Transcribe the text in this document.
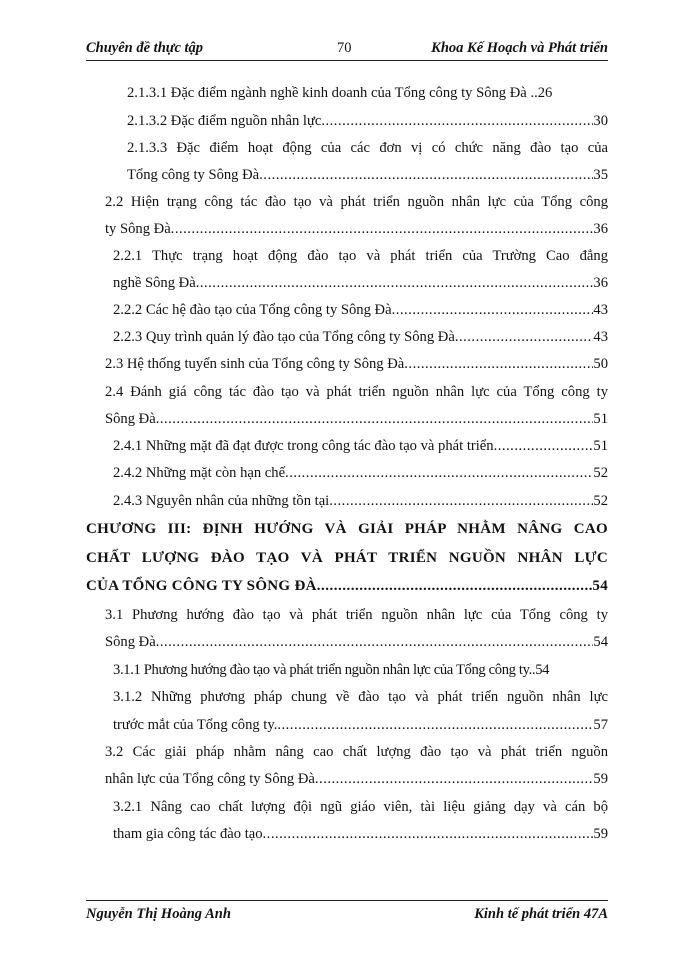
Chuyên đề thực tập	70	Khoa Kế Hoạch và Phát triển
2.1.3.1 Đặc điểm ngành nghề kinh doanh của Tổng công ty Sông Đà .. 26
2.1.3.2 Đặc điểm nguồn nhân lực .....	30
2.1.3.3 Đặc điểm hoạt động của các đơn vị có chức năng đào tạo của
Tổng công ty Sông Đà .....	35
2.2 Hiện trạng công tác đào tạo và phát triển nguồn nhân lực của Tổng công
ty Sông Đà .....	36
2.2.1 Thực trạng hoạt động đào tạo và phát triển của Trường Cao đẳng
nghề Sông Đà .....	36
2.2.2 Các hệ đào tạo của Tổng công ty Sông Đà .....	43
2.2.3 Quy trình quản lý đào tạo của Tổng công ty Sông Đà .....	43
2.3 Hệ thống tuyển sinh của Tổng công ty Sông Đà .....	50
2.4 Đánh giá công tác đào tạo và phát triển nguồn nhân lực của Tổng công ty
Sông Đà .....	51
2.4.1 Những mặt đã đạt được trong công tác đào tạo và phát triển .....	51
2.4.2 Những mặt còn hạn chế .....	52
2.4.3 Nguyên nhân của những tồn tại .....	52
CHƯƠNG III: ĐỊNH HƯỚNG VÀ GIẢI PHÁP NHẰM NÂNG CAO
CHẤT LƯỢNG ĐÀO TẠO VÀ PHÁT TRIỂN NGUỒN NHÂN LỰC
CỦA TỔNG CÔNG TY SÔNG ĐÀ .....	54
3.1 Phương hướng đào tạo và phát triển nguồn nhân lực của Tổng công ty
Sông Đà .....	54
3.1.1 Phương hướng đào tạo và phát triển nguồn nhân lực của Tổng công ty.. 54
3.1.2 Những phương pháp chung về đào tạo và phát triển nguồn nhân lực
trước mắt của Tổng công ty. .....	57
3.2 Các giải pháp nhằm nâng cao chất lượng đào tạo và phát triển nguồn
nhân lực của Tổng công ty Sông Đà .....	59
3.2.1 Nâng cao chất lượng đội ngũ giáo viên, tài liệu giảng dạy và cán bộ
tham gia công tác đào tạo .....	59
Nguyễn Thị Hoàng Anh	Kinh tế phát triển 47A
